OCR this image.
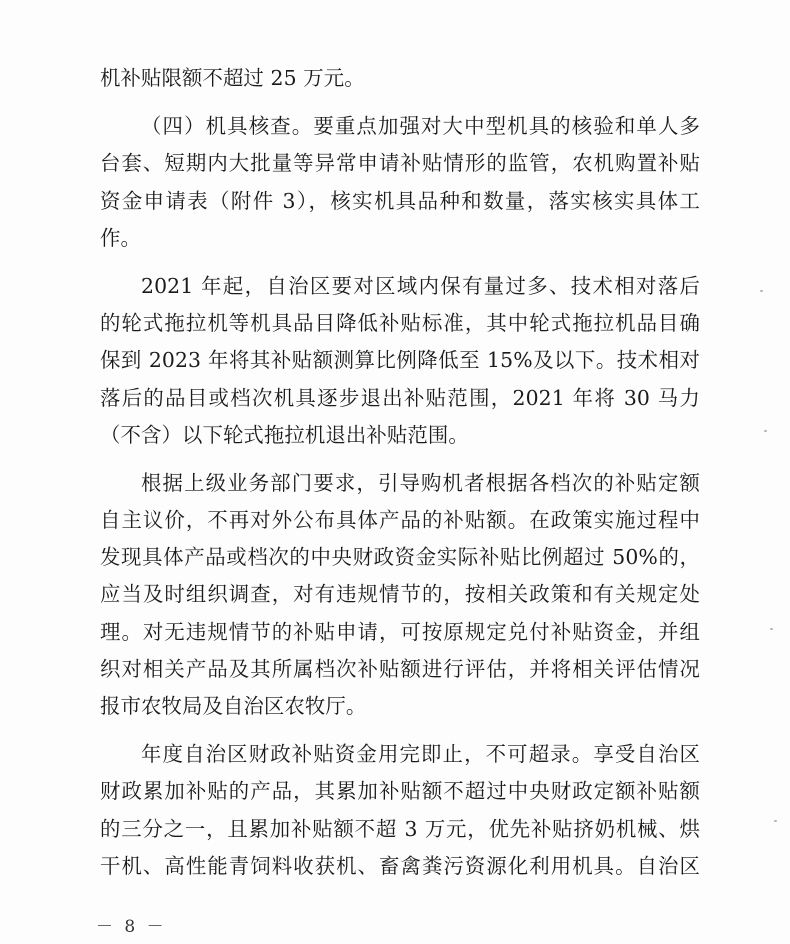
机补贴限额不超过 25 万元。
（四）机具核查。要重点加强对大中型机具的核验和单人多
台套、短期内大批量等异常申请补贴情形的监管，农机购置补贴
资金申请表（附件 3），核实机具品种和数量，落实核实具体工
作。
2021 年起，自治区要对区域内保有量过多、技术相对落后
的轮式拖拉机等机具品目降低补贴标准，其中轮式拖拉机品目确
保到 2023 年将其补贴额测算比例降低至 15%及以下。技术相对
落后的品目或档次机具逐步退出补贴范围，2021 年将 30 马力
（不含）以下轮式拖拉机退出补贴范围。
根据上级业务部门要求，引导购机者根据各档次的补贴定额
自主议价，不再对外公布具体产品的补贴额。在政策实施过程中
发现具体产品或档次的中央财政资金实际补贴比例超过 50%的，
应当及时组织调查，对有违规情节的，按相关政策和有关规定处
理。对无违规情节的补贴申请，可按原规定兑付补贴资金，并组
织对相关产品及其所属档次补贴额进行评估，并将相关评估情况
报市农牧局及自治区农牧厅。
年度自治区财政补贴资金用完即止，不可超录。享受自治区
财政累加补贴的产品，其累加补贴额不超过中央财政定额补贴额
的三分之一，且累加补贴额不超 3 万元，优先补贴挤奶机械、烘
干机、高性能青饲料收获机、畜禽粪污资源化利用机具。自治区
－ 8 －
